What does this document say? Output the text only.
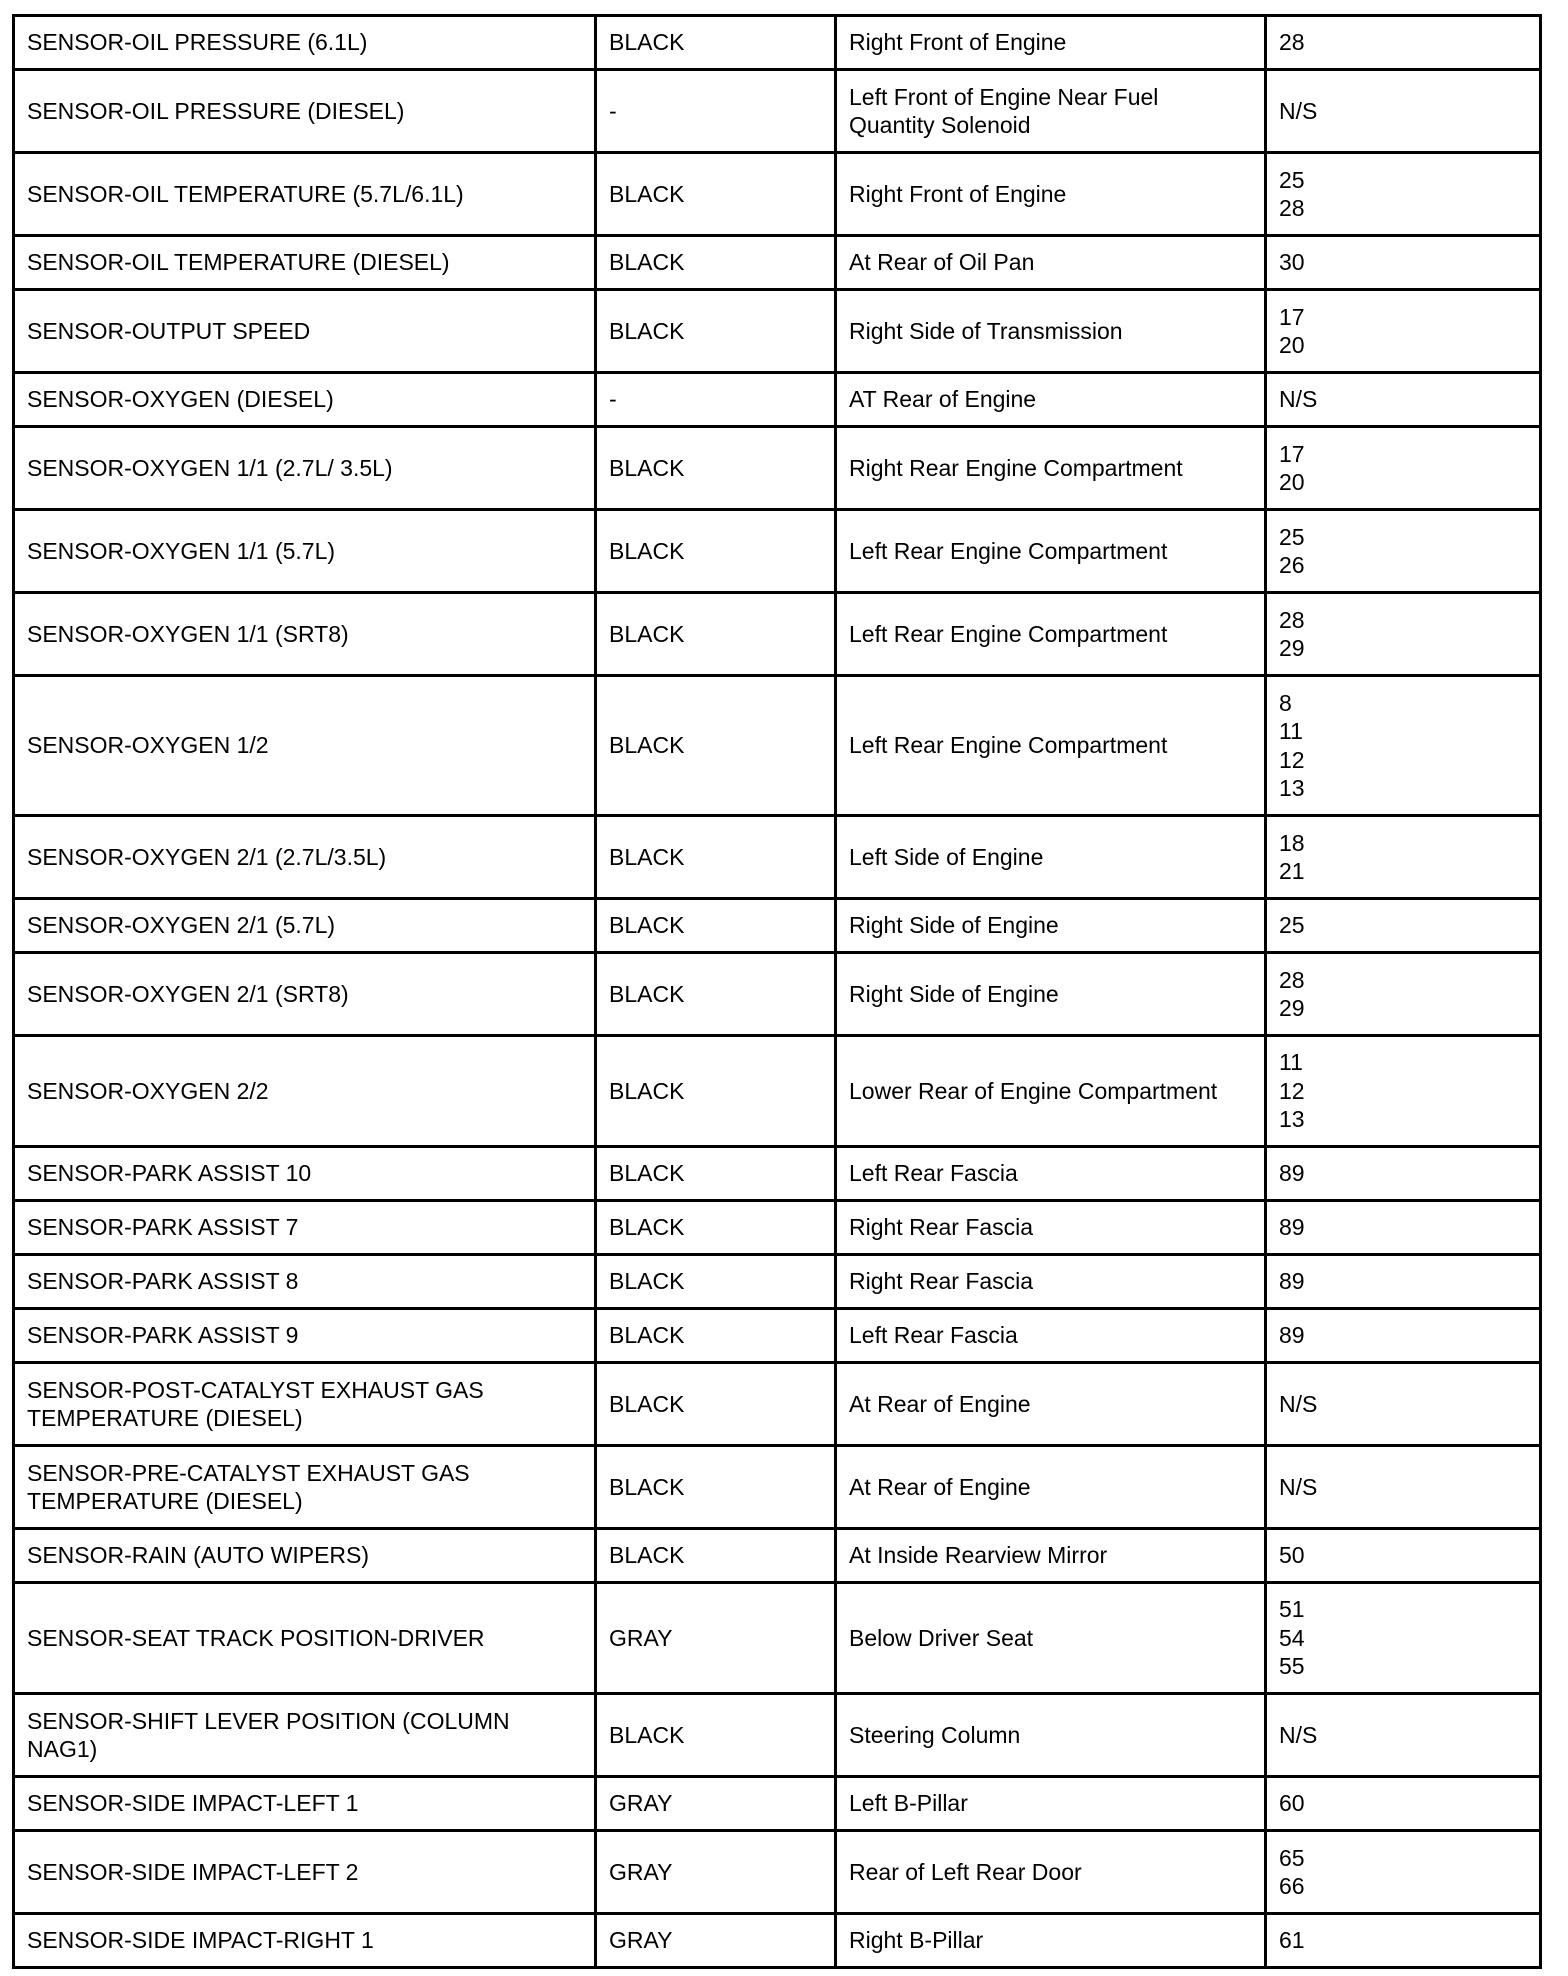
SENSOR-OIL PRESSURE (6.1L)	BLACK	Right Front of Engine	28
SENSOR-OIL PRESSURE (DIESEL)	-	Left Front of Engine Near Fuel
Quantity Solenoid	N/S
SENSOR-OIL TEMPERATURE (5.7L/6.1L)	BLACK	Right Front of Engine	25
28
SENSOR-OIL TEMPERATURE (DIESEL)	BLACK	At Rear of Oil Pan	30
SENSOR-OUTPUT SPEED	BLACK	Right Side of Transmission	17
20
SENSOR-OXYGEN (DIESEL)	-	AT Rear of Engine	N/S
SENSOR-OXYGEN 1/1 (2.7L/ 3.5L)	BLACK	Right Rear Engine Compartment	17
20
SENSOR-OXYGEN 1/1 (5.7L)	BLACK	Left Rear Engine Compartment	25
26
SENSOR-OXYGEN 1/1 (SRT8)	BLACK	Left Rear Engine Compartment	28
29
SENSOR-OXYGEN 1/2	BLACK	Left Rear Engine Compartment	8
11
12
13
SENSOR-OXYGEN 2/1 (2.7L/3.5L)	BLACK	Left Side of Engine	18
21
SENSOR-OXYGEN 2/1 (5.7L)	BLACK	Right Side of Engine	25
SENSOR-OXYGEN 2/1 (SRT8)	BLACK	Right Side of Engine	28
29
SENSOR-OXYGEN 2/2	BLACK	Lower Rear of Engine Compartment	11
12
13
SENSOR-PARK ASSIST 10	BLACK	Left Rear Fascia	89
SENSOR-PARK ASSIST 7	BLACK	Right Rear Fascia	89
SENSOR-PARK ASSIST 8	BLACK	Right Rear Fascia	89
SENSOR-PARK ASSIST 9	BLACK	Left Rear Fascia	89
SENSOR-POST-CATALYST EXHAUST GAS
TEMPERATURE (DIESEL)	BLACK	At Rear of Engine	N/S
SENSOR-PRE-CATALYST EXHAUST GAS
TEMPERATURE (DIESEL)	BLACK	At Rear of Engine	N/S
SENSOR-RAIN (AUTO WIPERS)	BLACK	At Inside Rearview Mirror	50
SENSOR-SEAT TRACK POSITION-DRIVER	GRAY	Below Driver Seat	51
54
55
SENSOR-SHIFT LEVER POSITION (COLUMN
NAG1)	BLACK	Steering Column	N/S
SENSOR-SIDE IMPACT-LEFT 1	GRAY	Left B-Pillar	60
SENSOR-SIDE IMPACT-LEFT 2	GRAY	Rear of Left Rear Door	65
66
SENSOR-SIDE IMPACT-RIGHT 1	GRAY	Right B-Pillar	61
